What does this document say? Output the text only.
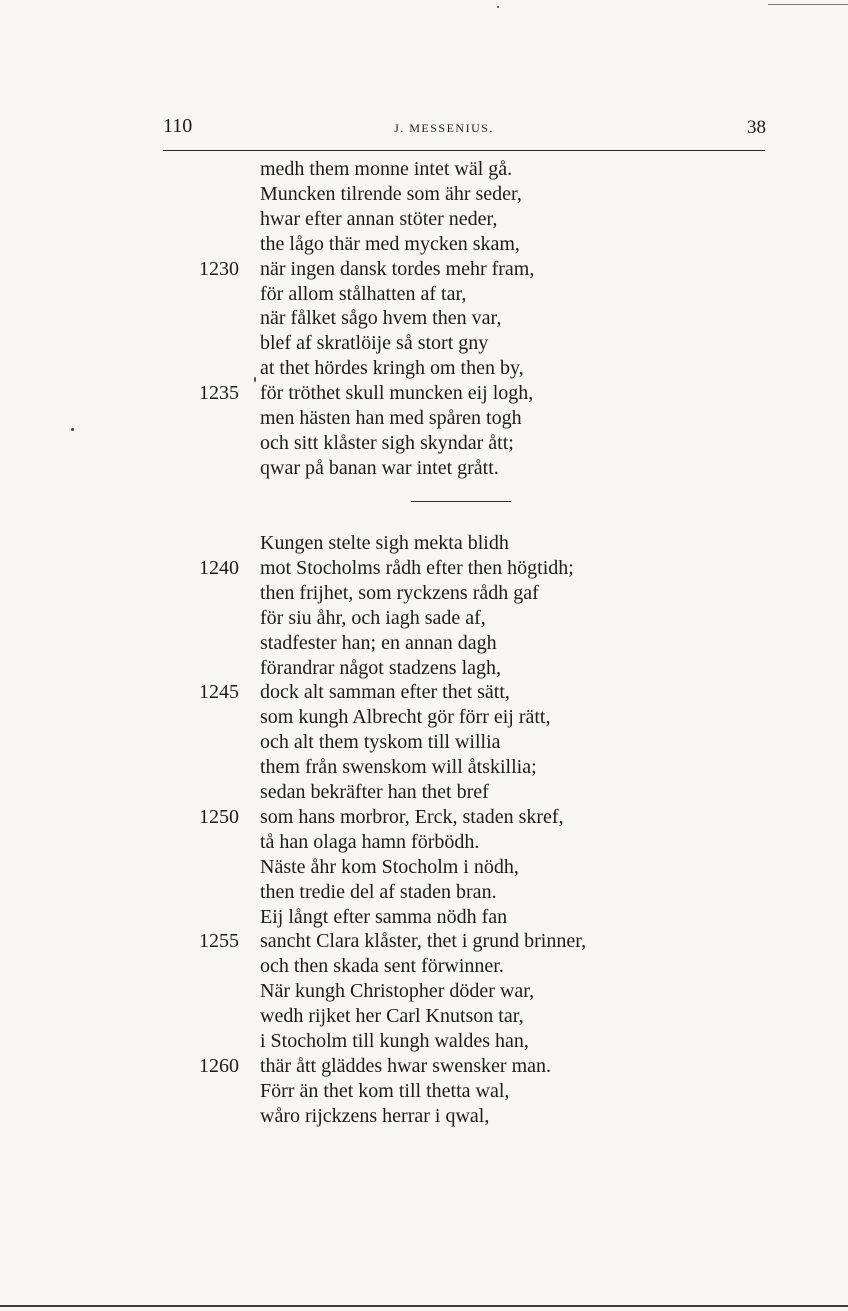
110	J. MESSENIUS.	38
medh them monne intet wäl gå.
Muncken tilrende som ähr seder,
hwar efter annan stöter neder,
the lågo thär med mycken skam,
1230 när ingen dansk tordes mehr fram,
för allom stålhatten af tar,
när fålket sågo hvem then var,
blef af skratlöije så stort gny
at thet hördes kringh om then by,
1235 för tröthet skull muncken eij logh,
men hästen han med spåren togh
och sitt klåster sigh skyndar ått;
qwar på banan war intet grått.
Kungen stelte sigh mekta blidh
1240 mot Stocholms rådh efter then högtidh;
then frijhet, som ryckzens rådh gaf
för siu åhr, och iagh sade af,
stadfester han; en annan dagh
förandrar något stadzens lagh,
1245 dock alt samman efter thet sätt,
som kungh Albrecht gör förr eij rätt,
och alt them tyskom till willia
them från swenskom will åtskillia;
sedan bekräfter han thet bref
1250 som hans morbror, Erck, staden skref,
tå han olaga hamn förbödh.
Näste åhr kom Stocholm i nödh,
then tredie del af staden bran.
Eij långt efter samma nödh fan
1255 sancht Clara klåster, thet i grund brinner,
och then skada sent förwinner.
När kungh Christopher döder war,
wedh rijket her Carl Knutson tar,
i Stocholm till kungh waldes han,
1260 thär ått gläddes hwar swensker man.
Förr än thet kom till thetta wal,
wåro rijckzens herrar i qwal,
